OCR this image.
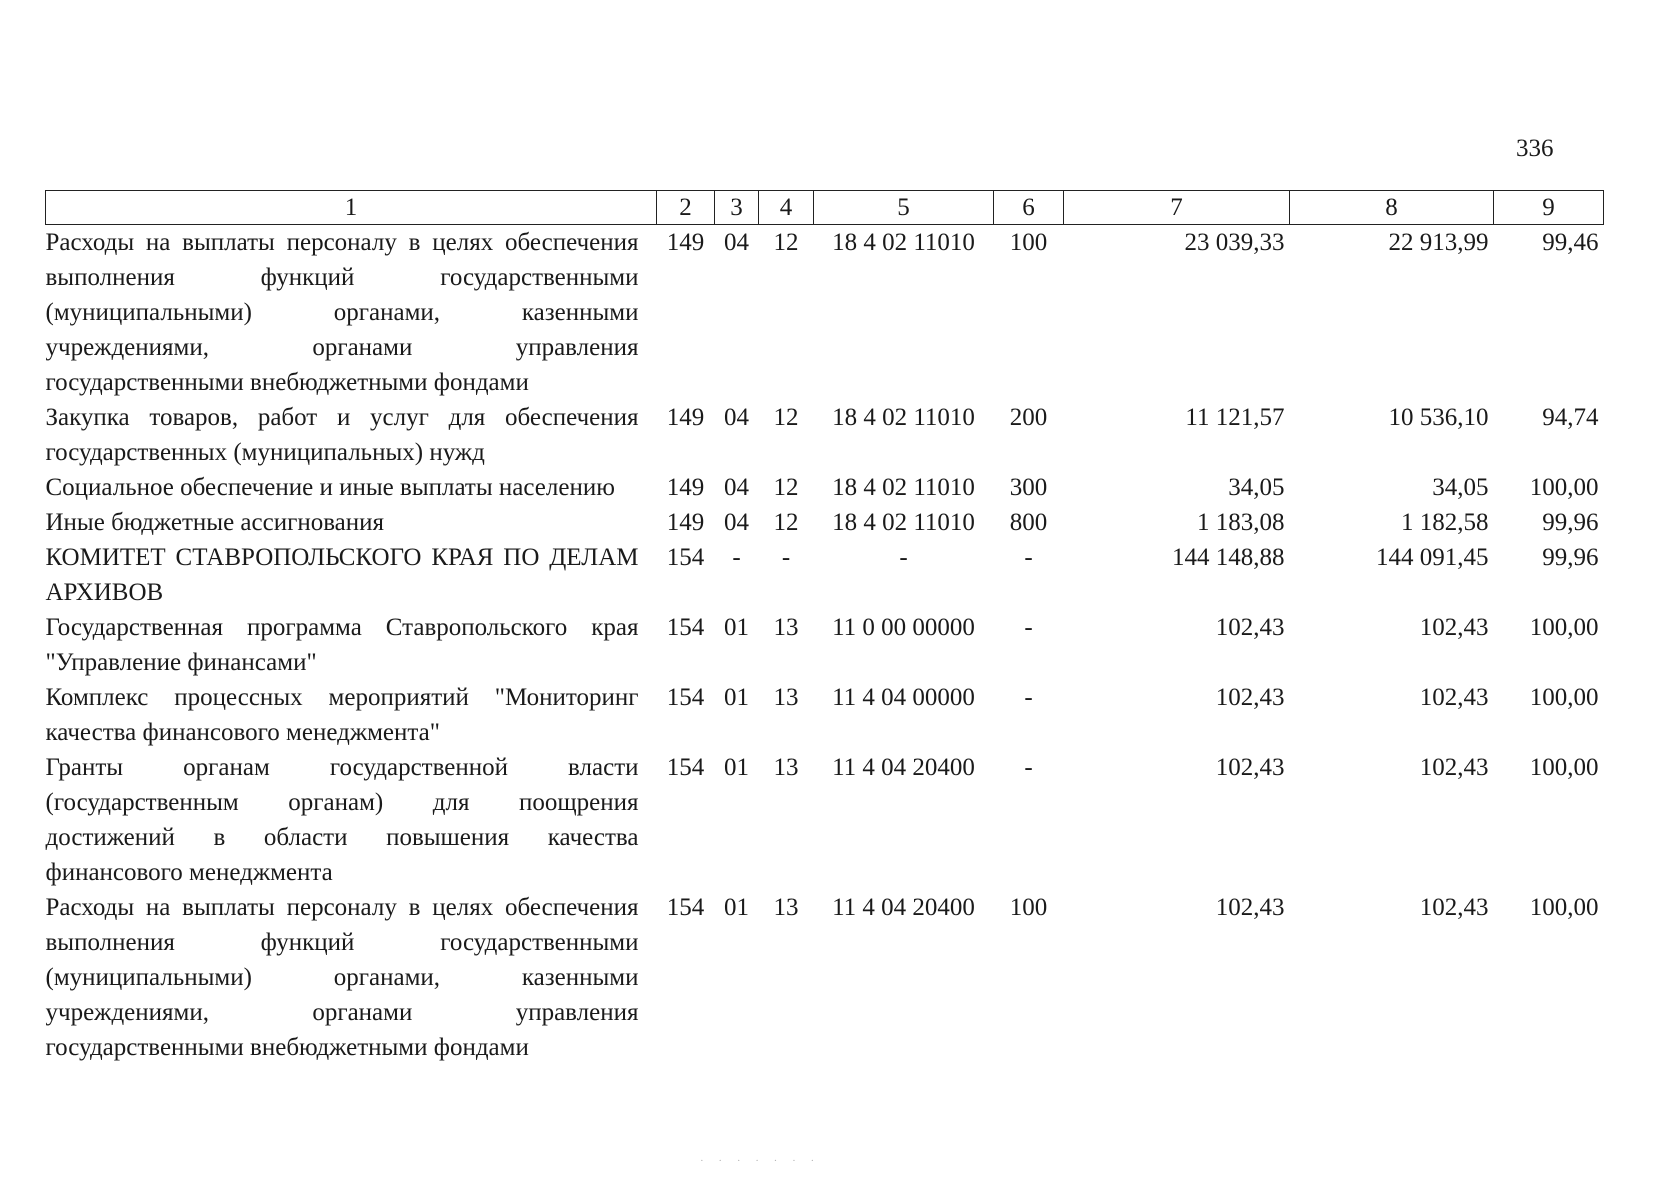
336
1	2	3	4	5	6	7	8	9
Расходы на выплаты персоналу в целях обеспечения выполнения функций государственными (муниципальными) органами, казенными учреждениями, органами управления государственными внебюджетными фондами	149	04	12	18 4 02 11010	100	23 039,33	22 913,99	99,46
Закупка товаров, работ и услуг для обеспечения государственных (муниципальных) нужд	149	04	12	18 4 02 11010	200	11 121,57	10 536,10	94,74
Социальное обеспечение и иные выплаты населению	149	04	12	18 4 02 11010	300	34,05	34,05	100,00
Иные бюджетные ассигнования	149	04	12	18 4 02 11010	800	1 183,08	1 182,58	99,96
КОМИТЕТ СТАВРОПОЛЬСКОГО КРАЯ ПО ДЕЛАМ АРХИВОВ	154	-	-	-	-	144 148,88	144 091,45	99,96
Государственная программа Ставропольского края "Управление финансами"	154	01	13	11 0 00 00000	-	102,43	102,43	100,00
Комплекс процессных мероприятий "Мониторинг качества финансового менеджмента"	154	01	13	11 4 04 00000	-	102,43	102,43	100,00
Гранты органам государственной власти (государственным органам) для поощрения достижений в области повышения качества финансового менеджмента	154	01	13	11 4 04 20400	-	102,43	102,43	100,00
Расходы на выплаты персоналу в целях обеспечения выполнения функций государственными (муниципальными) органами, казенными учреждениями, органами управления государственными внебюджетными фондами	154	01	13	11 4 04 20400	100	102,43	102,43	100,00
· · · · · · ·
